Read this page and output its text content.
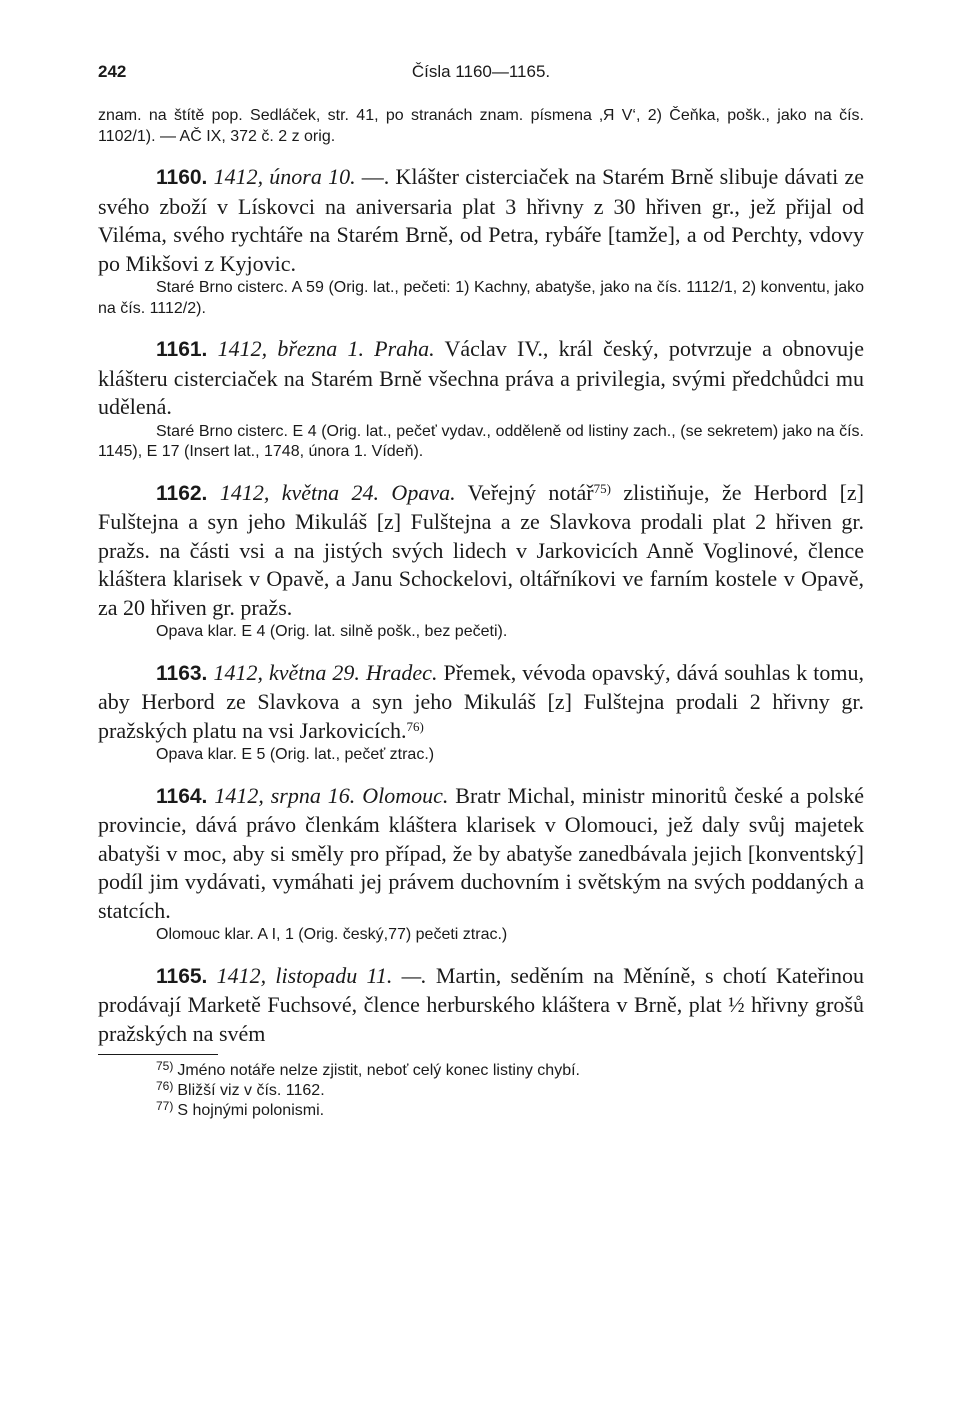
242	Čísla 1160—1165.

znam. na štítě pop. Sedláček, str. 41, po stranách znam. písmena ‚Я V‘, 2) Čeňka, pošk., jako na čís. 1102/1). — AČ IX, 372 č. 2 z orig.

1160. 1412, února 10. —. Klášter cisterciaček na Starém Brně slibuje dávati ze svého zboží v Lískovci na aniversaria plat 3 hřivny z 30 hřiven gr., jež přijal od Viléma, svého rychtáře na Starém Brně, od Petra, rybáře [tamže], a od Perchty, vdovy po Mikšovi z Kyjovic.

Staré Brno cisterc. A 59 (Orig. lat., pečeti: 1) Kachny, abatyše, jako na čís. 1112/1, 2) konventu, jako na čís. 1112/2).

1161. 1412, března 1. Praha. Václav IV., král český, potvrzuje a obnovuje klášteru cisterciaček na Starém Brně všechna práva a privilegia, svými předchůdci mu udělená.

Staré Brno cisterc. E 4 (Orig. lat., pečeť vydav., odděleně od listiny zach., (se sekretem) jako na čís. 1145), E 17 (Insert lat., 1748, února 1. Vídeň).

1162. 1412, května 24. Opava. Veřejný notář$^{75)}$ zlistiňuje, že Herbord [z] Fulštejna a syn jeho Mikuláš [z] Fulštejna a ze Slavkova prodali plat 2 hřiven gr. pražs. na části vsi a na jistých svých lidech v Jarkovicích Anně Voglinové, člence kláštera klarisek v Opavě, a Janu Schockelovi, oltářníkovi ve farním kostele v Opavě, za 20 hřiven gr. pražs.

Opava klar. E 4 (Orig. lat. silně pošk., bez pečeti).

1163. 1412, května 29. Hradec. Přemek, vévoda opavský, dává souhlas k tomu, aby Herbord ze Slavkova a syn jeho Mikuláš [z] Fulštejna prodali 2 hřivny gr. pražských platu na vsi Jarkovicích.$^{76)}$

Opava klar. E 5 (Orig. lat., pečeť ztrac.)

1164. 1412, srpna 16. Olomouc. Bratr Michal, ministr minoritů české a polské provincie, dává právo členkám kláštera klarisek v Olomouci, jež daly svůj majetek abatyši v moc, aby si směly pro případ, že by abatyše zanedbávala jejich [konventský] podíl jim vydávati, vymáhati jej právem duchovním i světským na svých poddaných a statcích.

Olomouc klar. A I, 1 (Orig. český,77) pečeti ztrac.)

1165. 1412, listopadu 11. —. Martin, seděním na Měníně, s chotí Kateřinou prodávají Marketě Fuchsové, člence herburského kláštera v Brně, plat ½ hřivny grošů pražských na svém

$^{75)}$ Jméno notáře nelze zjistit, neboť celý konec listiny chybí.

$^{76)}$ Bližší viz v čís. 1162.

$^{77)}$ S hojnými polonismi.
